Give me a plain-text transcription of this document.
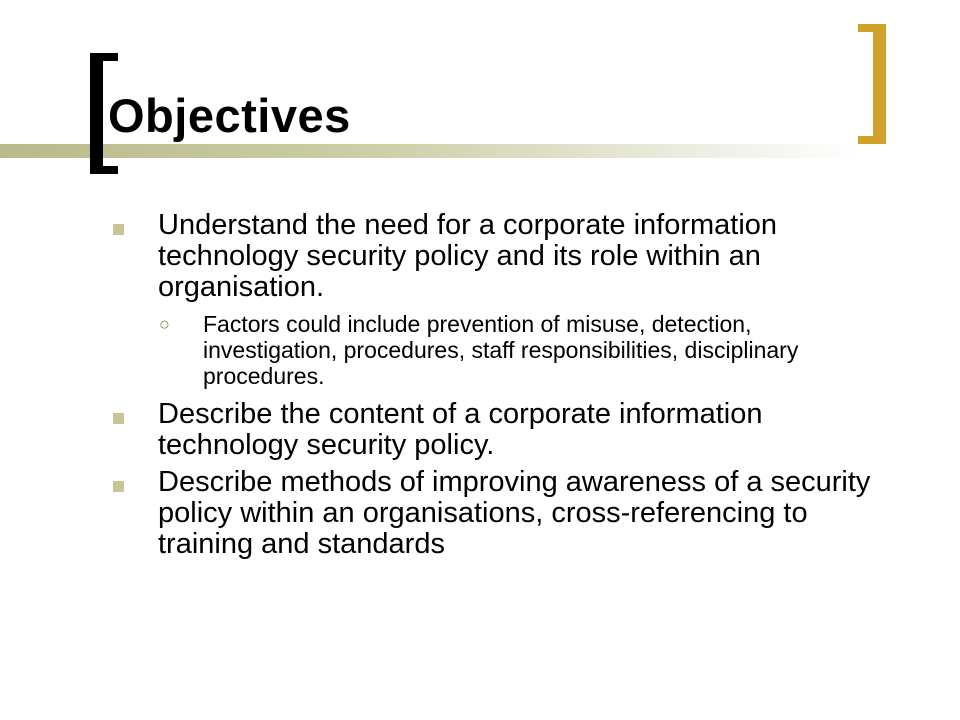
Objectives
Understand the need for a corporate information technology security policy and its role within an organisation.
○ Factors could include prevention of misuse, detection, investigation, procedures, staff responsibilities, disciplinary procedures.
Describe the content of a corporate information technology security policy.
Describe methods of improving awareness of a security policy within an organisations, cross-referencing to training and standards
